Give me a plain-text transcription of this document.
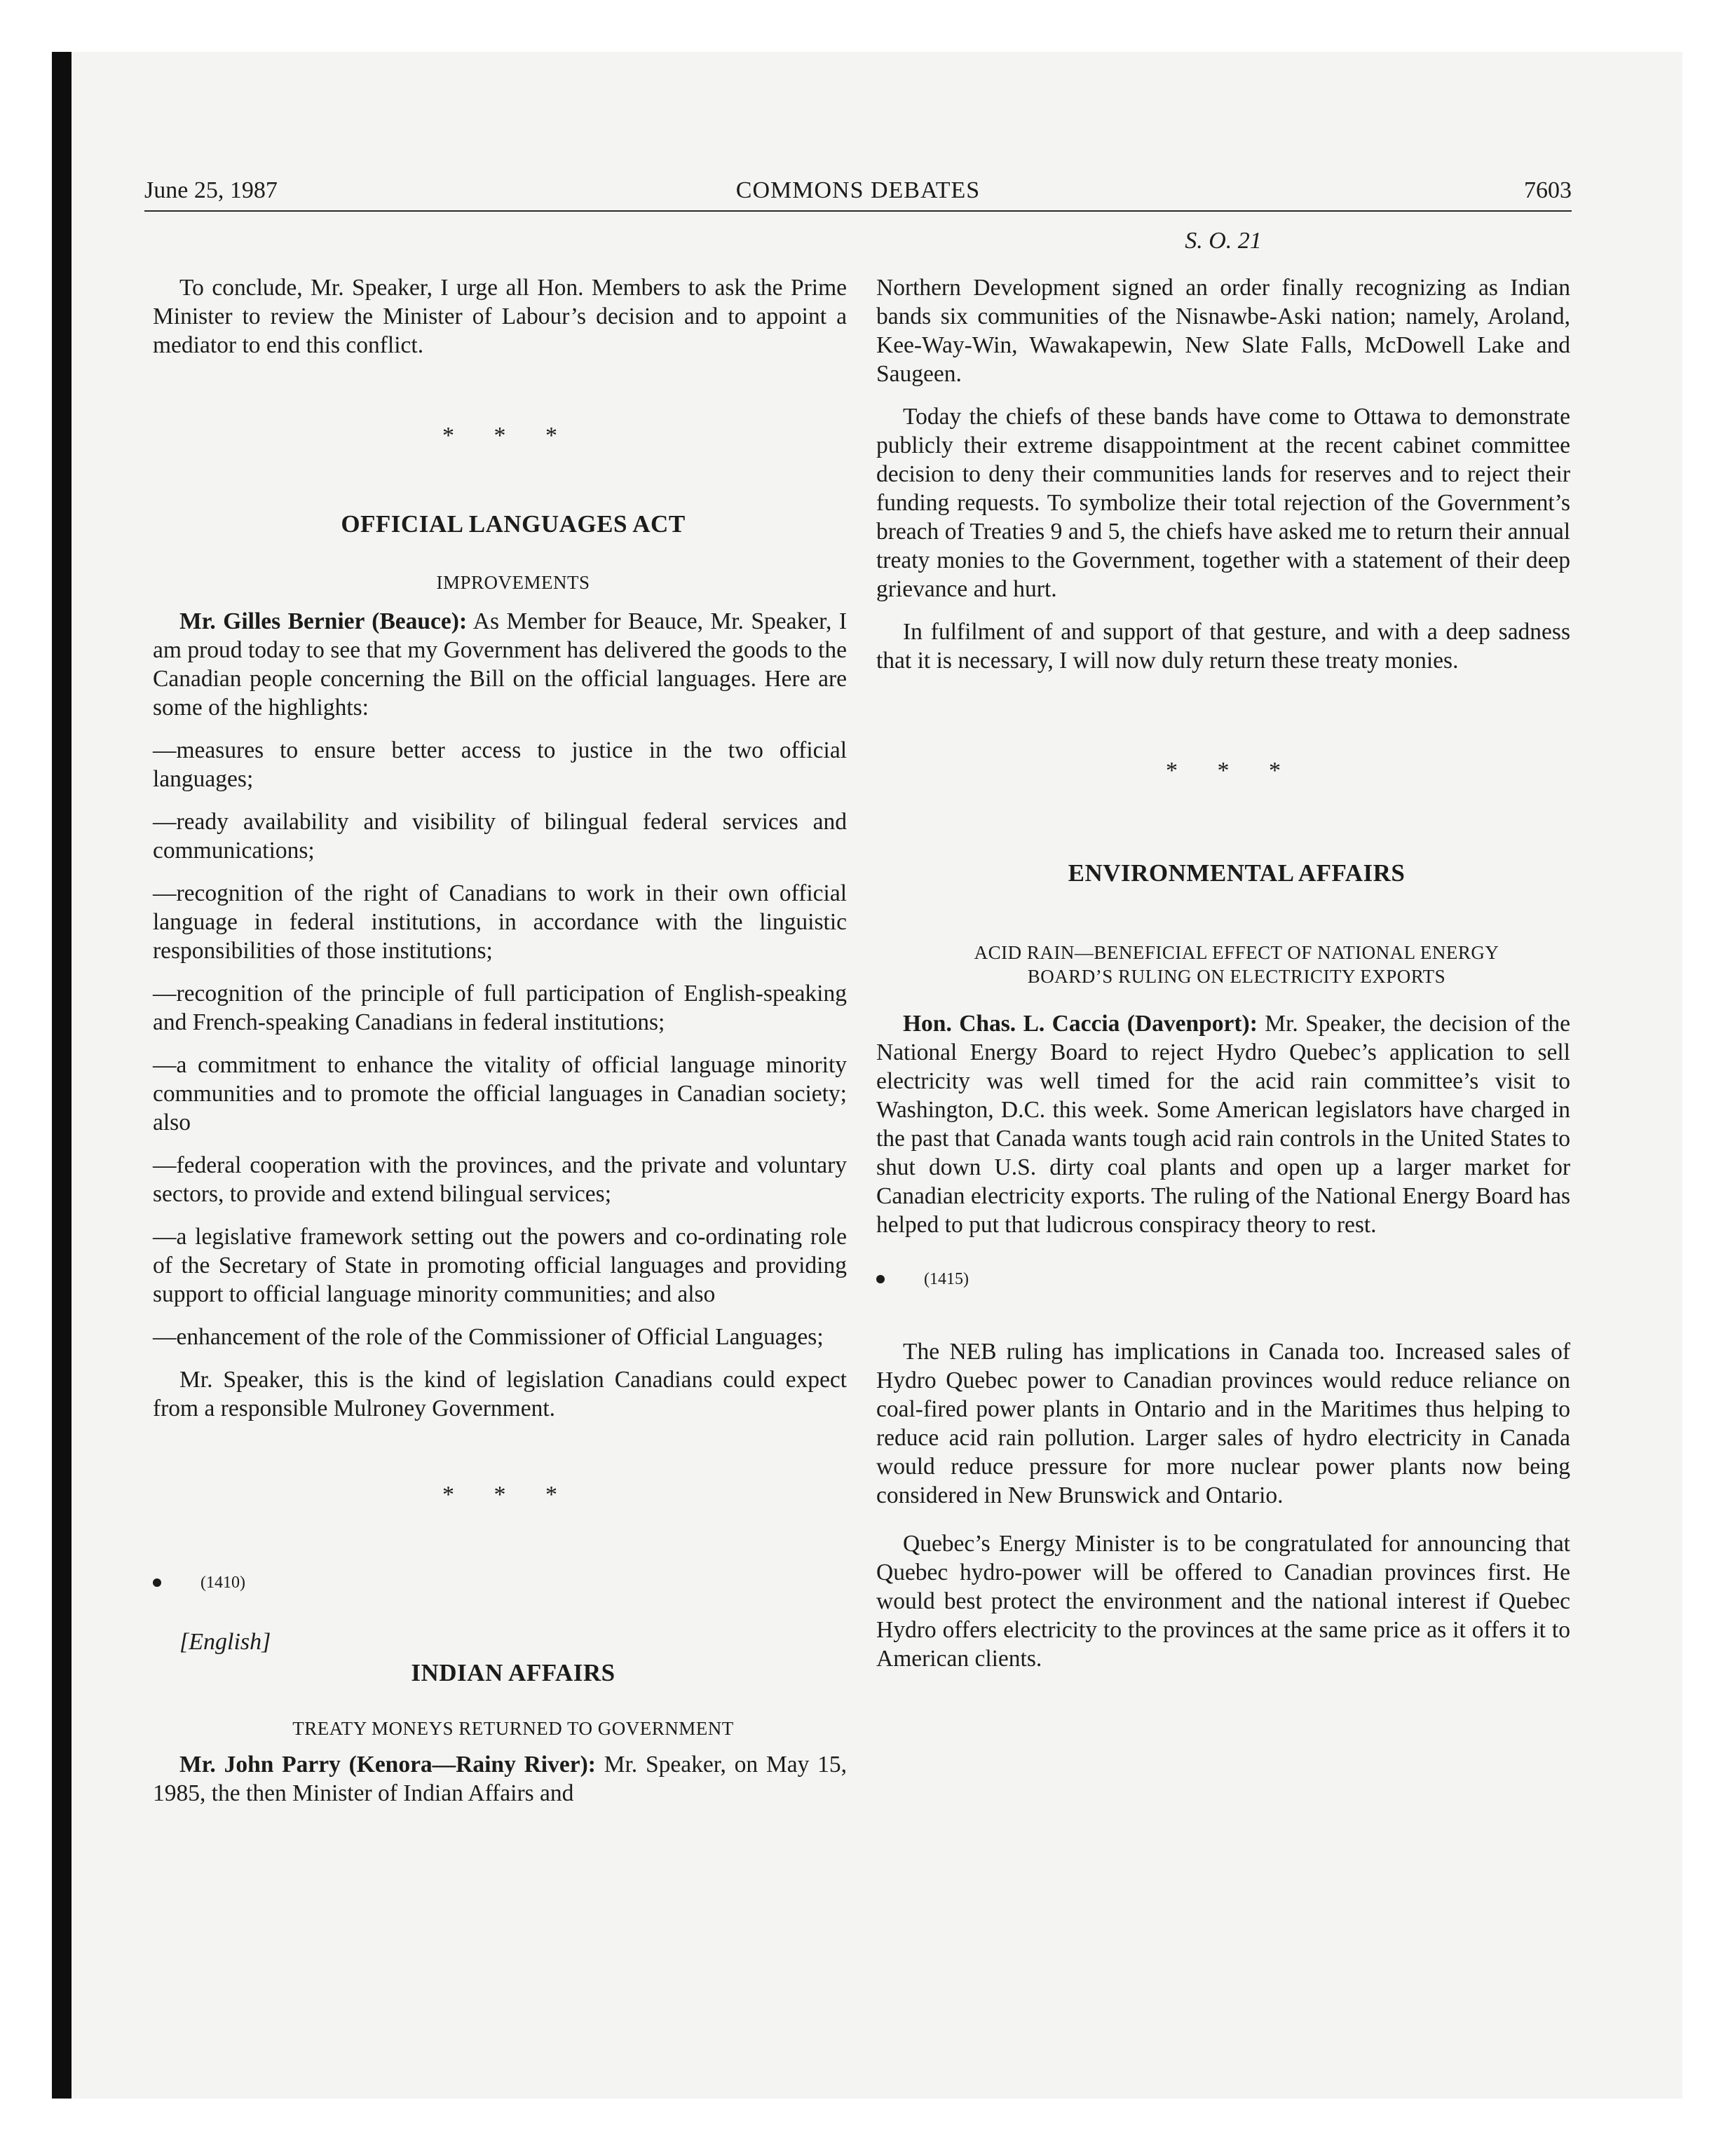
June 25, 1987	COMMONS DEBATES	7603
S. O. 21

To conclude, Mr. Speaker, I urge all Hon. Members to ask the Prime Minister to review the Minister of Labour’s decision and to appoint a mediator to end this conflict.

* * *

OFFICIAL LANGUAGES ACT

IMPROVEMENTS

Mr. Gilles Bernier (Beauce): As Member for Beauce, Mr. Speaker, I am proud today to see that my Government has delivered the goods to the Canadian people concerning the Bill on the official languages. Here are some of the highlights:

—measures to ensure better access to justice in the two official languages;

—ready availability and visibility of bilingual federal services and communications;

—recognition of the right of Canadians to work in their own official language in federal institutions, in accordance with the linguistic responsibilities of those institutions;

—recognition of the principle of full participation of English-speaking and French-speaking Canadians in federal institutions;

—a commitment to enhance the vitality of official language minority communities and to promote the official languages in Canadian society; also

—federal cooperation with the provinces, and the private and voluntary sectors, to provide and extend bilingual services;

—a legislative framework setting out the powers and co-ordinating role of the Secretary of State in promoting official languages and providing support to official language minority communities; and also

—enhancement of the role of the Commissioner of Official Languages;

Mr. Speaker, this is the kind of legislation Canadians could expect from a responsible Mulroney Government.

* * *

(1410)

[English]

INDIAN AFFAIRS

TREATY MONEYS RETURNED TO GOVERNMENT

Mr. John Parry (Kenora—Rainy River): Mr. Speaker, on May 15, 1985, the then Minister of Indian Affairs and

Northern Development signed an order finally recognizing as Indian bands six communities of the Nisnawbe-Aski nation; namely, Aroland, Kee-Way-Win, Wawakapewin, New Slate Falls, McDowell Lake and Saugeen.

Today the chiefs of these bands have come to Ottawa to demonstrate publicly their extreme disappointment at the recent cabinet committee decision to deny their communities lands for reserves and to reject their funding requests. To symbolize their total rejection of the Government’s breach of Treaties 9 and 5, the chiefs have asked me to return their annual treaty monies to the Government, together with a statement of their deep grievance and hurt.

In fulfilment of and support of that gesture, and with a deep sadness that it is necessary, I will now duly return these treaty monies.

* * *

ENVIRONMENTAL AFFAIRS

ACID RAIN—BENEFICIAL EFFECT OF NATIONAL ENERGY

BOARD’S RULING ON ELECTRICITY EXPORTS

Hon. Chas. L. Caccia (Davenport): Mr. Speaker, the decision of the National Energy Board to reject Hydro Quebec’s application to sell electricity was well timed for the acid rain committee’s visit to Washington, D.C. this week. Some American legislators have charged in the past that Canada wants tough acid rain controls in the United States to shut down U.S. dirty coal plants and open up a larger market for Canadian electricity exports. The ruling of the National Energy Board has helped to put that ludicrous conspiracy theory to rest.

(1415)

The NEB ruling has implications in Canada too. Increased sales of Hydro Quebec power to Canadian provinces would reduce reliance on coal-fired power plants in Ontario and in the Maritimes thus helping to reduce acid rain pollution. Larger sales of hydro electricity in Canada would reduce pressure for more nuclear power plants now being considered in New Brunswick and Ontario.

Quebec’s Energy Minister is to be congratulated for announcing that Quebec hydro-power will be offered to Canadian provinces first. He would best protect the environment and the national interest if Quebec Hydro offers electricity to the provinces at the same price as it offers it to American clients.
